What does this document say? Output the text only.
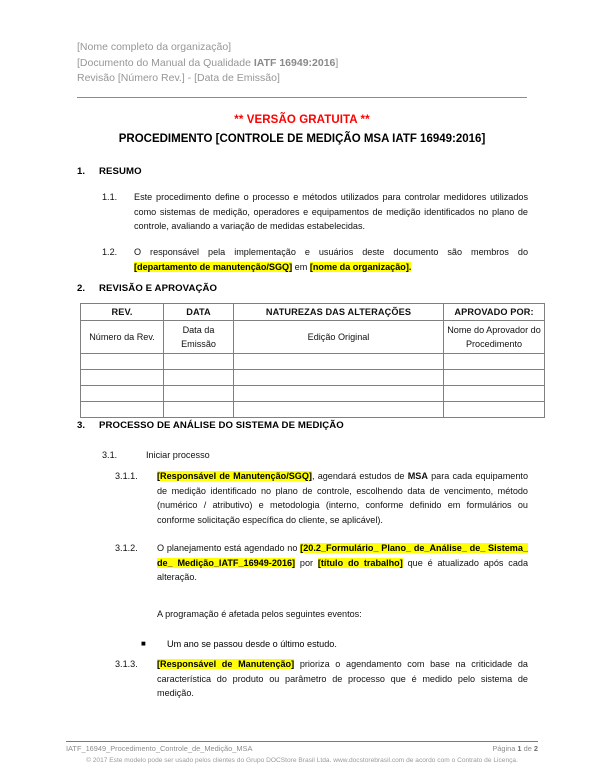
[Nome completo da organização]
[Documento do Manual da Qualidade IATF 16949:2016]
Revisão [Número Rev.] - [Data de Emissão]
** VERSÃO GRATUITA **
PROCEDIMENTO [CONTROLE DE MEDIÇÃO MSA IATF 16949:2016]
1. RESUMO
1.1. Este procedimento define o processo e métodos utilizados para controlar medidores utilizados como sistemas de medição, operadores e equipamentos de medição identificados no plano de controle, avaliando a variação de medidas estabelecidas.
1.2. O responsável pela implementação e usuários deste documento são membros do [departamento de manutenção/SGQ] em [nome da organização].
2. REVISÃO E APROVAÇÃO
3. PROCESSO DE ANÁLISE DO SISTEMA DE MEDIÇÃO
3.1.	Iniciar processo
3.1.1. [Responsável de Manutenção/SGQ], agendará estudos de MSA para cada equipamento de medição identificado no plano de controle, escolhendo data de vencimento, método (numérico / atributivo) e metodologia (interno, conforme definido em formulários ou conforme solicitação específica do cliente, se aplicável).
3.1.2. O planejamento está agendado no [20.2_Formulário_ Plano_ de_Análise_ de_ Sistema_ de_ Medição_IATF_16949-2016] por [título do trabalho] que é atualizado após cada alteração.
A programação é afetada pelos seguintes eventos:
■ Um ano se passou desde o último estudo.
3.1.3. [Responsável de Manutenção] prioriza o agendamento com base na criticidade da característica do produto ou parâmetro de processo que é medido pelo sistema de medição.
REV.	DATA	NATUREZAS DAS ALTERAÇÕES	APROVADO POR:
Número da Rev.	Data da Emissão	Edição Original	Nome do Aprovador do Procedimento

IATF_16949_Procedimento_Controle_de_Medição_MSA	Página 1 de 2
© 2017 Este modelo pode ser usado pelos clientes do Grupo DOCStore Brasil Ltda. www.docstorebrasil.com de acordo com o Contrato de Licença.
